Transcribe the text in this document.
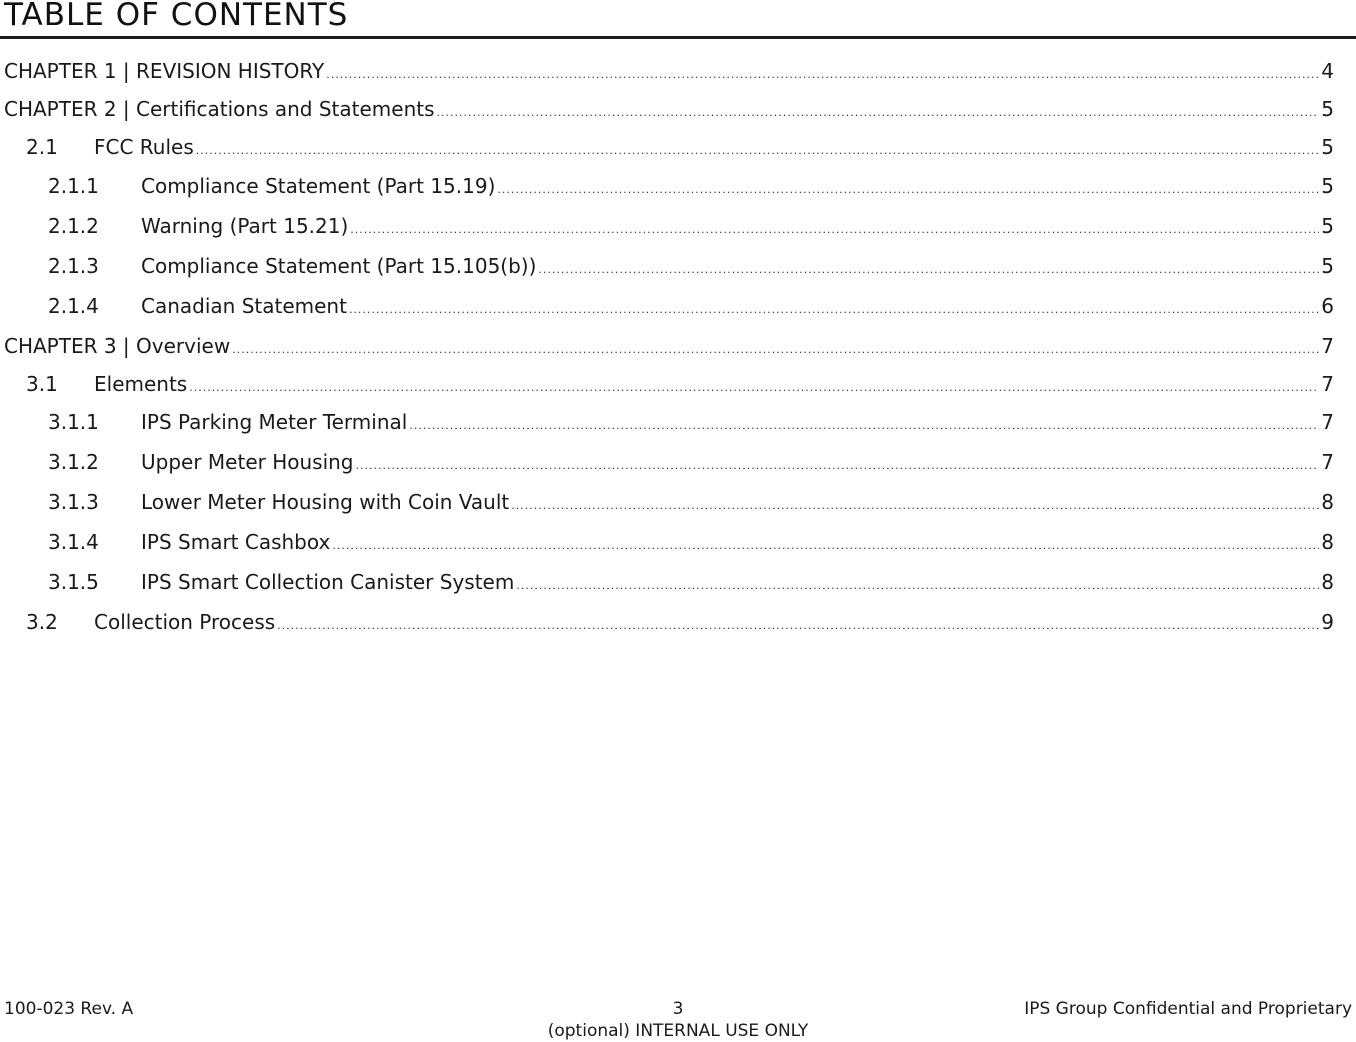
TABLE OF CONTENTS
CHAPTER 1 | REVISION HISTORY .....	4
CHAPTER 2 | Certifications and Statements .....	5
2.1	FCC Rules .....	5
2.1.1	Compliance Statement (Part 15.19) .....	5
2.1.2	Warning (Part 15.21) .....	5
2.1.3	Compliance Statement (Part 15.105(b)) .....	5
2.1.4	Canadian Statement .....	6
CHAPTER 3 | Overview .....	7
3.1	Elements .....	7
3.1.1	IPS Parking Meter Terminal .....	7
3.1.2	Upper Meter Housing .....	7
3.1.3	Lower Meter Housing with Coin Vault .....	8
3.1.4	IPS Smart Cashbox .....	8
3.1.5	IPS Smart Collection Canister System .....	8
3.2	Collection Process .....	9
100-023 Rev. A	3	IPS Group Confidential and Proprietary
(optional) INTERNAL USE ONLY
